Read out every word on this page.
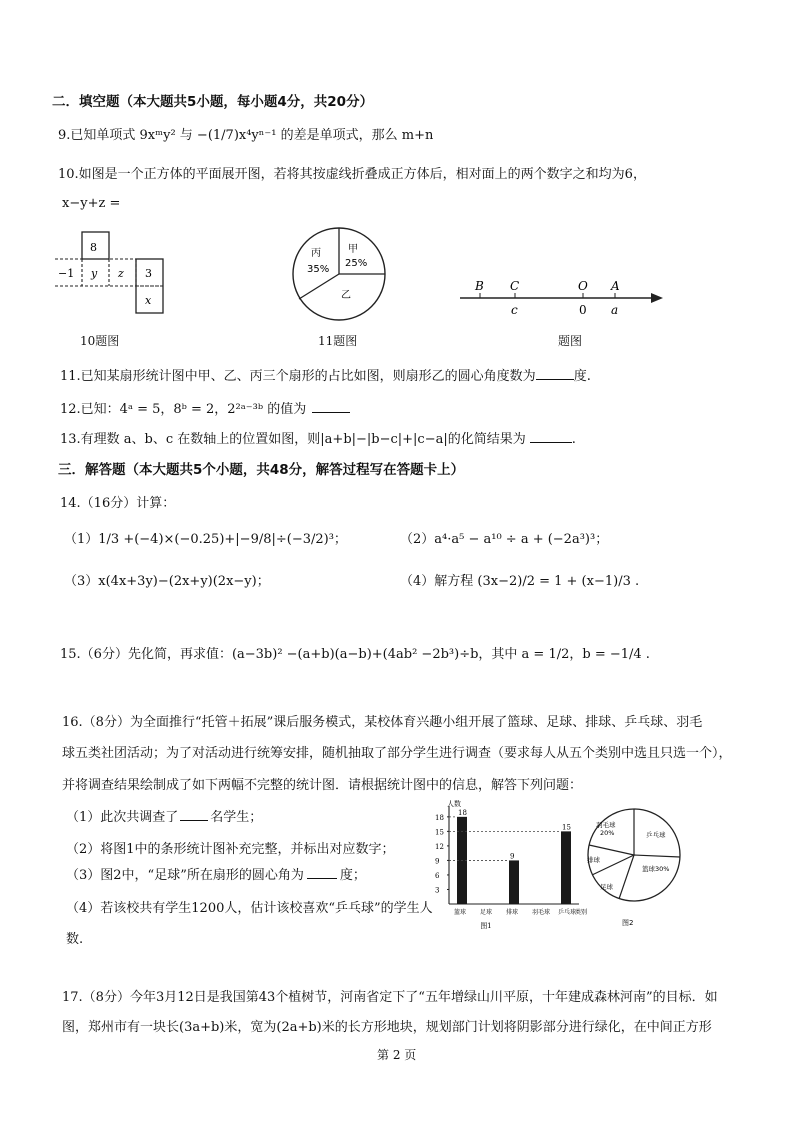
二．填空题（本大题共5小题，每小题4分，共20分）
9.已知单项式 9xᵐy² 与 −(1/7)x⁴yⁿ⁻¹ 的差是单项式，那么 m+n
10.如图是一个正方体的平面展开图，若将其按虚线折叠成正方体后，相对面上的两个数字之和均为6，
x−y+z =
8
−1 y z 3
x
10题图
丙
35%
甲
25%
乙
11题图
B C	O A
c	0 a
题图
11.已知某扇形统计图中甲、乙、丙三个扇形的占比如图，则扇形乙的圆心角度数为	度.
12.已知：4ᵃ = 5，8ᵇ = 2，2²ᵃ⁻³ᵇ 的值为
13.有理数 a、b、c 在数轴上的位置如图，则|a+b|−|b−c|+|c−a|的化简结果为	.
三．解答题（本大题共5个小题，共48分，解答过程写在答题卡上）
14.（16分）计算：
（1）1/3 +(−4)×(−0.25)+|−9/8|÷(−3/2)³；	（2）a⁴·a⁵ − a¹⁰ ÷ a + (−2a³)³；
（3）x(4x+3y)−(2x+y)(2x−y)；	（4）解方程 (3x−2)/2 = 1 + (x−1)/3 .
15.（6分）先化简，再求值：(a−3b)² −(a+b)(a−b)+(4ab² −2b³)÷b，其中 a = 1/2，b = −1/4 .
16.（8分）为全面推行“托管＋拓展”课后服务模式，某校体育兴趣小组开展了篮球、足球、排球、乒乓球、羽毛
球五类社团活动；为了对活动进行统筹安排，随机抽取了部分学生进行调查（要求每人从五个类别中选且只选一个），
并将调查结果绘制成了如下两幅不完整的统计图．请根据统计图中的信息，解答下列问题：
（1）此次共调查了 名学生；
（2）将图1中的条形统计图补充完整，并标出对应数字；
（3）图2中，“足球”所在扇形的圆心角为	度；
（4）若该校共有学生1200人，估计该校喜欢“乒乓球”的学生人
数.
人数
类别
3
6
9
12
15
18
篮球
18
足球 排球
9
羽毛球 乒乓球
15
图1
羽毛球 20%	乒乓球
篮球30%
足球
排球
图2
17.（8分）今年3月12日是我国第43个植树节，河南省定下了“五年增绿山川平原，十年建成森林河南”的目标．如
图，郑州市有一块长(3a+b)米，宽为(2a+b)米的长方形地块，规划部门计划将阴影部分进行绿化，在中间正方形
第 2 页
